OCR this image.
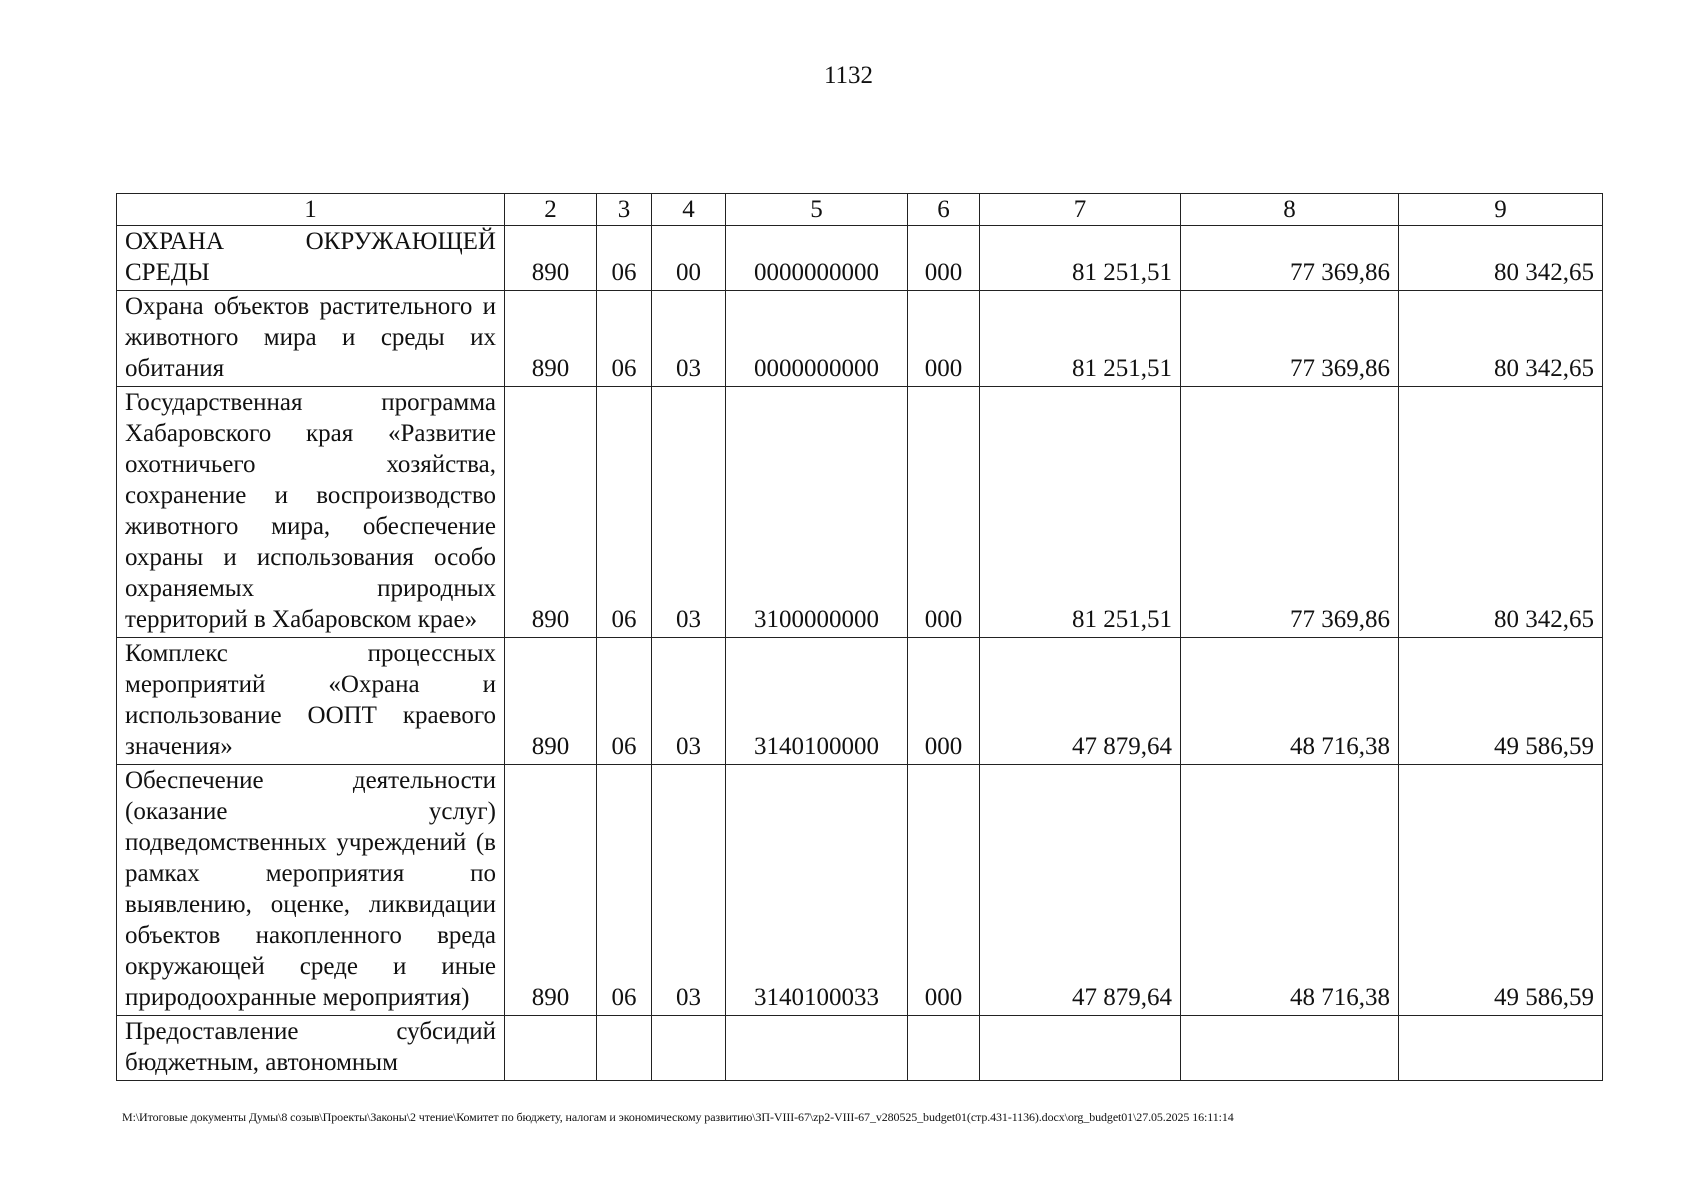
1132
1	2	3	4	5	6	7	8	9
ОХРАНА ОКРУЖАЮЩЕЙ СРЕДЫ	890	06	00	0000000000	000	81 251,51	77 369,86	80 342,65
Охрана объектов растительного и животного мира и среды их обитания	890	06	03	0000000000	000	81 251,51	77 369,86	80 342,65
Государственная программа Хабаровского края «Развитие охотничьего хозяйства, сохранение и воспроизводство животного мира, обеспечение охраны и использования особо охраняемых природных территорий в Хабаровском крае»	890	06	03	3100000000	000	81 251,51	77 369,86	80 342,65
Комплекс процессных мероприятий «Охрана и использование ООПТ краевого значения»	890	06	03	3140100000	000	47 879,64	48 716,38	49 586,59
Обеспечение деятельности (оказание услуг) подведомственных учреждений (в рамках мероприятия по выявлению, оценке, ликвидации объектов накопленного вреда окружающей среде и иные природоохранные мероприятия)	890	06	03	3140100033	000	47 879,64	48 716,38	49 586,59
Предоставление субсидий бюджетным, автономным								
M:\Итоговые документы Думы\8 созыв\Проекты\Законы\2 чтение\Комитет по бюджету, налогам и экономическому развитию\ЗП-VIII-67\zp2-VIII-67_v280525_budget01(стр.431-1136).docx\org_budget01\27.05.2025 16:11:14
